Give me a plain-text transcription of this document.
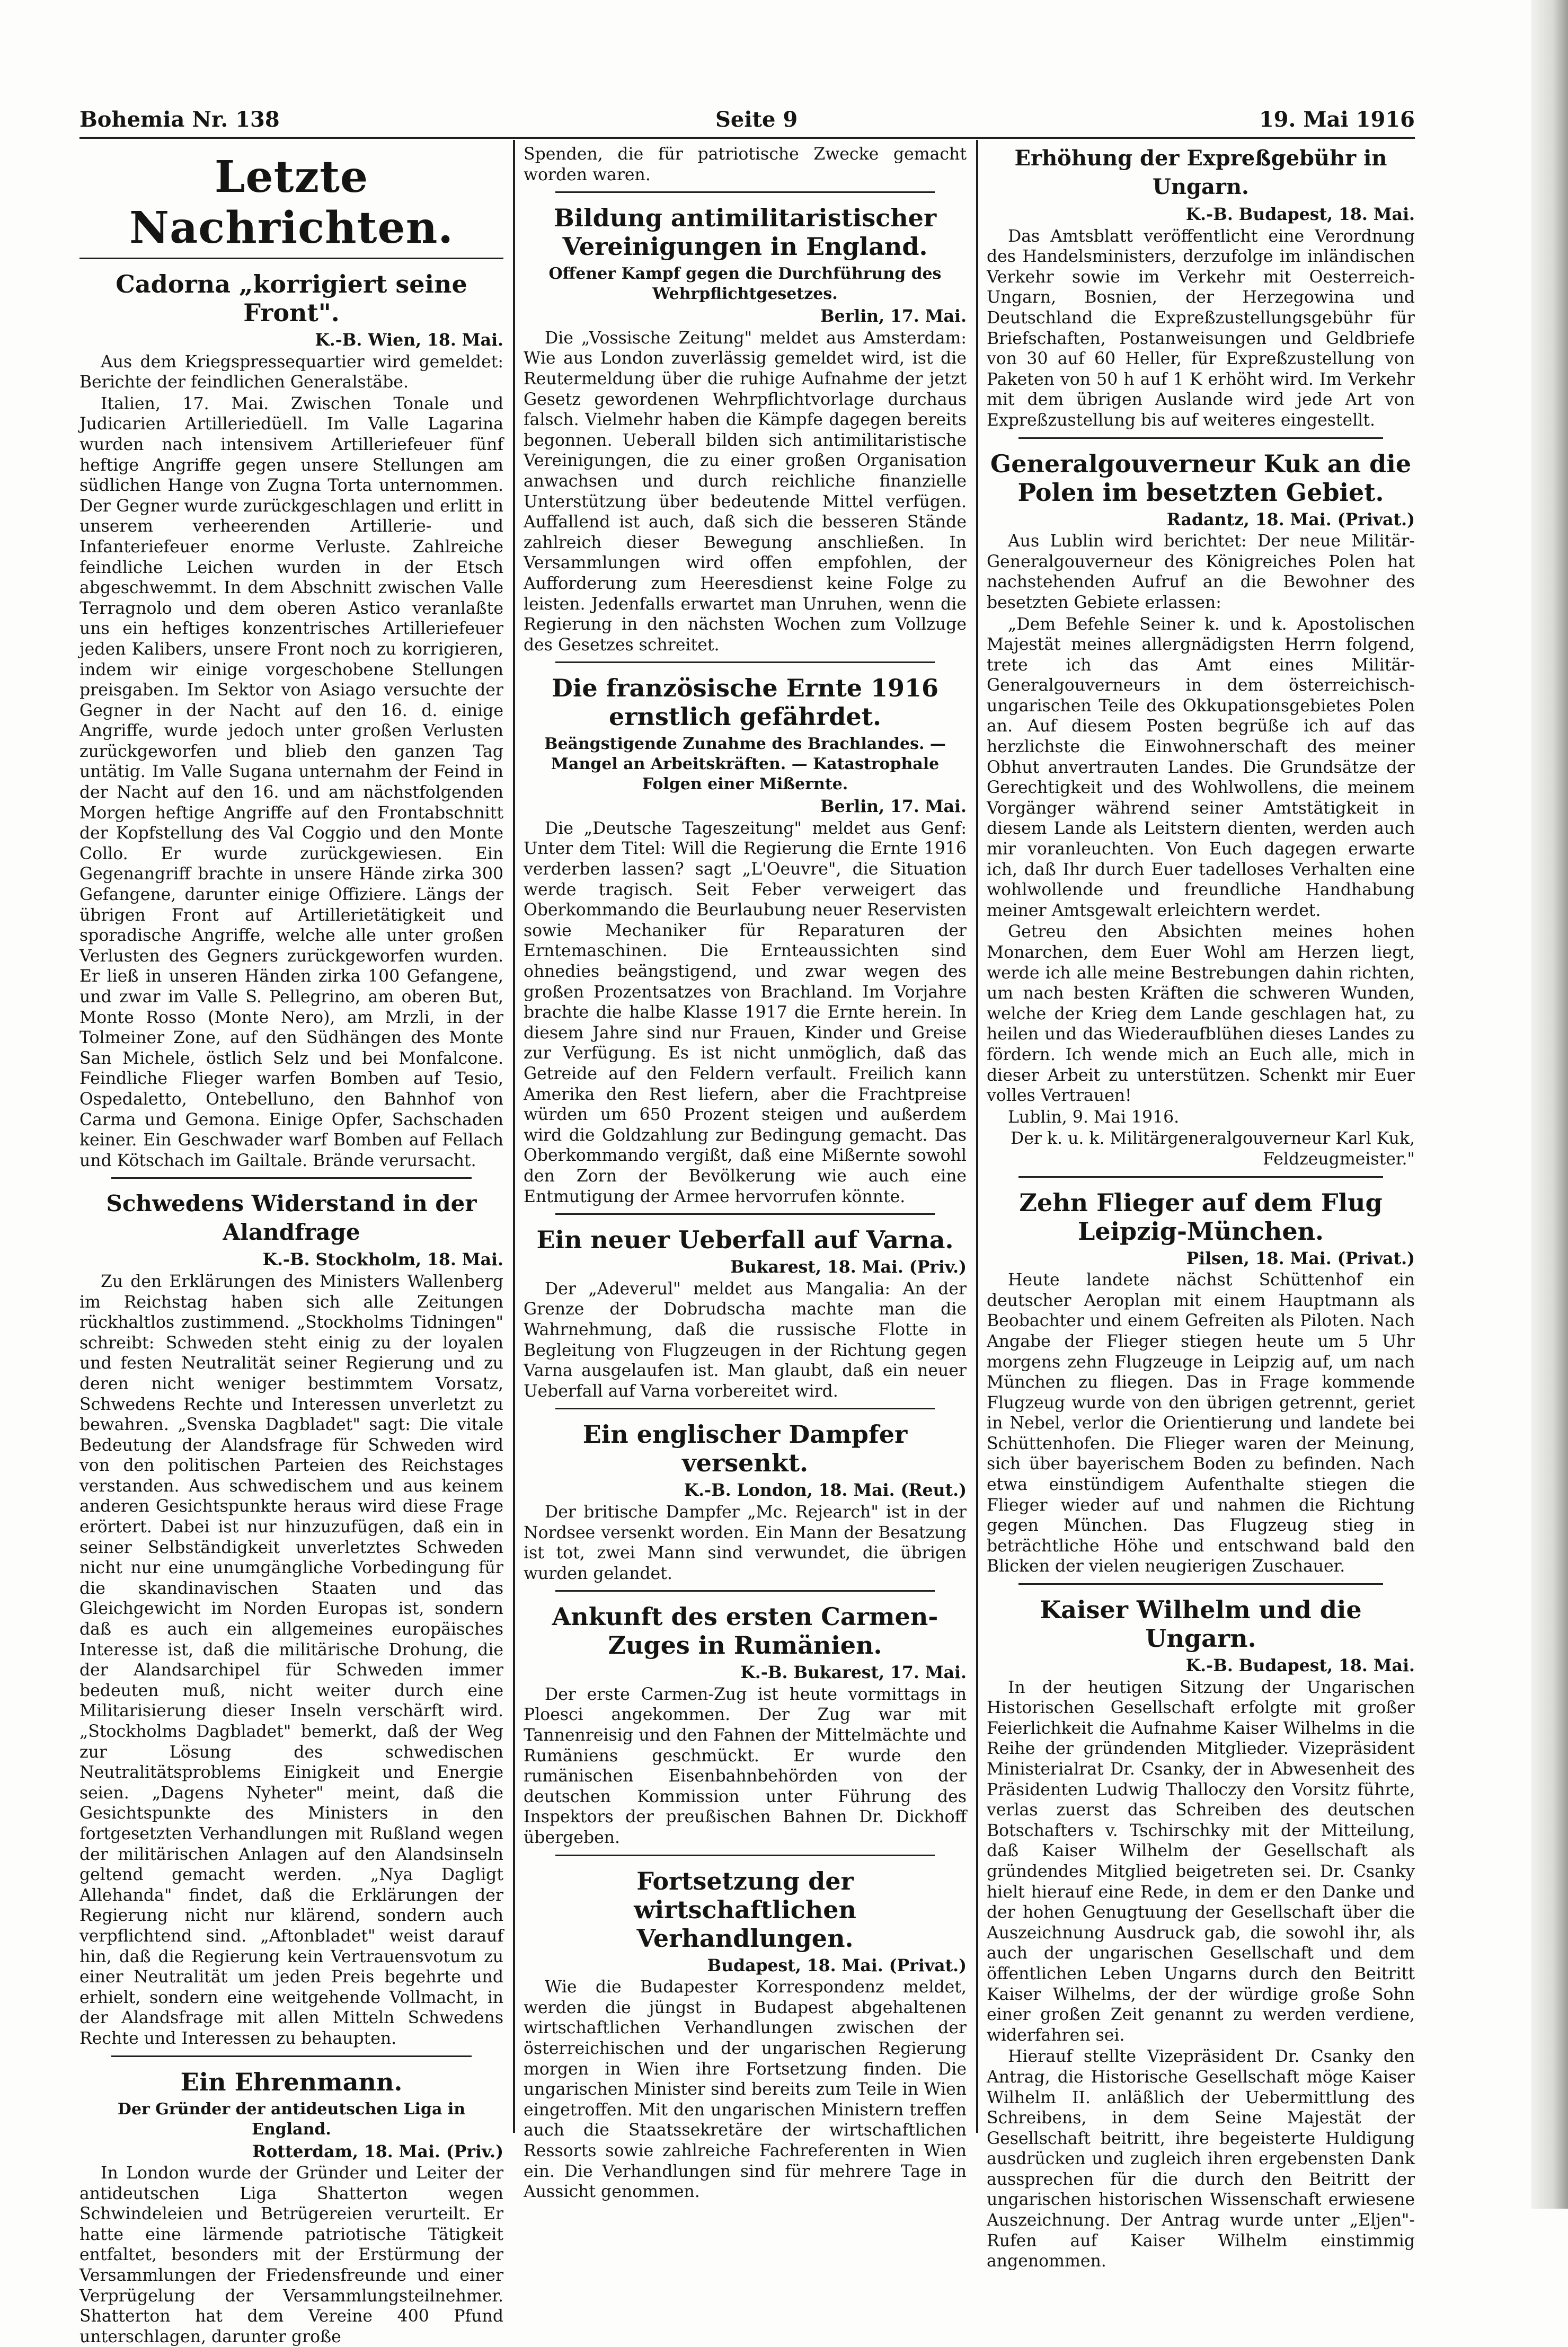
Bohemia Nr. 138	Seite 9	19. Mai 1916
Letzte Nachrichten.
Cadorna „korrigiert seine Front".
K.-B. Wien, 18. Mai.

Aus dem Kriegspressequartier wird gemeldet: Berichte der feindlichen Generalstäbe.

Italien, 17. Mai. Zwischen Tonale und Judicarien Artilleriedüell. Im Valle Lagarina wurden nach intensivem Artilleriefeuer fünf heftige Angriffe gegen unsere Stellungen am südlichen Hange von Zugna Torta unternommen. Der Gegner wurde zurückgeschlagen und erlitt in unserem verheerenden Artillerie- und Infanteriefeuer enorme Verluste. Zahlreiche feindliche Leichen wurden in der Etsch abgeschwemmt. In dem Abschnitt zwischen Valle Terragnolo und dem oberen Astico veranlaßte uns ein heftiges konzentrisches Artilleriefeuer jeden Kalibers, unsere Front noch zu korrigieren, indem wir einige vorgeschobene Stellungen preisgaben. Im Sektor von Asiago versuchte der Gegner in der Nacht auf den 16. d. einige Angriffe, wurde jedoch unter großen Verlusten zurückgeworfen und blieb den ganzen Tag untätig. Im Valle Sugana unternahm der Feind in der Nacht auf den 16. und am nächstfolgenden Morgen heftige Angriffe auf den Frontabschnitt der Kopfstellung des Val Coggio und den Monte Collo. Er wurde zurückgewiesen. Ein Gegenangriff brachte in unsere Hände zirka 300 Gefangene, darunter einige Offiziere. Längs der übrigen Front auf Artillerietätigkeit und sporadische Angriffe, welche alle unter großen Verlusten des Gegners zurückgeworfen wurden. Er ließ in unseren Händen zirka 100 Gefangene, und zwar im Valle S. Pellegrino, am oberen But, Monte Rosso (Monte Nero), am Mrzli, in der Tolmeiner Zone, auf den Südhängen des Monte San Michele, östlich Selz und bei Monfalcone. Feindliche Flieger warfen Bomben auf Tesio, Ospedaletto, Ontebelluno, den Bahnhof von Carma und Gemona. Einige Opfer, Sachschaden keiner. Ein Geschwader warf Bomben auf Fellach und Kötschach im Gailtale. Brände verursacht.

Schwedens Widerstand in der Alandfrage
K.-B. Stockholm, 18. Mai.

Zu den Erklärungen des Ministers Wallenberg im Reichstag haben sich alle Zeitungen rückhaltlos zustimmend. „Stockholms Tidningen" schreibt: Schweden steht einig zu der loyalen und festen Neutralität seiner Regierung und zu deren nicht weniger bestimmtem Vorsatz, Schwedens Rechte und Interessen unverletzt zu bewahren. „Svenska Dagbladet" sagt: Die vitale Bedeutung der Alandsfrage für Schweden wird von den politischen Parteien des Reichstages verstanden. Aus schwedischem und aus keinem anderen Gesichtspunkte heraus wird diese Frage erörtert. Dabei ist nur hinzuzufügen, daß ein in seiner Selbständigkeit unverletztes Schweden nicht nur eine unumgängliche Vorbedingung für die skandinavischen Staaten und das Gleichgewicht im Norden Europas ist, sondern daß es auch ein allgemeines europäisches Interesse ist, daß die militärische Drohung, die der Alandsarchipel für Schweden immer bedeuten muß, nicht weiter durch eine Militarisierung dieser Inseln verschärft wird. „Stockholms Dagbladet" bemerkt, daß der Weg zur Lösung des schwedischen Neutralitätsproblems Einigkeit und Energie seien. „Dagens Nyheter" meint, daß die Gesichtspunkte des Ministers in den fortgesetzten Verhandlungen mit Rußland wegen der militärischen Anlagen auf den Alandsinseln geltend gemacht werden. „Nya Dagligt Allehanda" findet, daß die Erklärungen der Regierung nicht nur klärend, sondern auch verpflichtend sind. „Aftonbladet" weist darauf hin, daß die Regierung kein Vertrauensvotum zu einer Neutralität um jeden Preis begehrte und erhielt, sondern eine weitgehende Vollmacht, in der Alandsfrage mit allen Mitteln Schwedens Rechte und Interessen zu behaupten.

Ein Ehrenmann.
Der Gründer der antideutschen Liga in England.
Rotterdam, 18. Mai. (Priv.)

In London wurde der Gründer und Leiter der antideutschen Liga Shatterton wegen Schwindeleien und Betrügereien verurteilt. Er hatte eine lärmende patriotische Tätigkeit entfaltet, besonders mit der Erstürmung der Versammlungen der Friedensfreunde und einer Verprügelung der Versammlungsteilnehmer. Shatterton hat dem Vereine 400 Pfund unterschlagen, darunter große

Spenden, die für patriotische Zwecke gemacht worden waren.

Bildung antimilitaristischer Vereinigungen in England.
Offener Kampf gegen die Durchführung des Wehrpflichtgesetzes.
Berlin, 17. Mai.

Die „Vossische Zeitung" meldet aus Amsterdam: Wie aus London zuverlässig gemeldet wird, ist die Reutermeldung über die ruhige Aufnahme der jetzt Gesetz gewordenen Wehrpflichtvorlage durchaus falsch. Vielmehr haben die Kämpfe dagegen bereits begonnen. Ueberall bilden sich antimilitaristische Vereinigungen, die zu einer großen Organisation anwachsen und durch reichliche finanzielle Unterstützung über bedeutende Mittel verfügen. Auffallend ist auch, daß sich die besseren Stände zahlreich dieser Bewegung anschließen. In Versammlungen wird offen empfohlen, der Aufforderung zum Heeresdienst keine Folge zu leisten. Jedenfalls erwartet man Unruhen, wenn die Regierung in den nächsten Wochen zum Vollzuge des Gesetzes schreitet.

Die französische Ernte 1916 ernstlich gefährdet.
Beängstigende Zunahme des Brachlandes. — Mangel an Arbeitskräften. — Katastrophale Folgen einer Mißernte.
Berlin, 17. Mai.

Die „Deutsche Tageszeitung" meldet aus Genf: Unter dem Titel: Will die Regierung die Ernte 1916 verderben lassen? sagt „L'Oeuvre", die Situation werde tragisch. Seit Feber verweigert das Oberkommando die Beurlaubung neuer Reservisten sowie Mechaniker für Reparaturen der Erntemaschinen. Die Ernteaussichten sind ohnedies beängstigend, und zwar wegen des großen Prozentsatzes von Brachland. Im Vorjahre brachte die halbe Klasse 1917 die Ernte herein. In diesem Jahre sind nur Frauen, Kinder und Greise zur Verfügung. Es ist nicht unmöglich, daß das Getreide auf den Feldern verfault. Freilich kann Amerika den Rest liefern, aber die Frachtpreise würden um 650 Prozent steigen und außerdem wird die Goldzahlung zur Bedingung gemacht. Das Oberkommando vergißt, daß eine Mißernte sowohl den Zorn der Bevölkerung wie auch eine Entmutigung der Armee hervorrufen könnte.

Ein neuer Ueberfall auf Varna.
Bukarest, 18. Mai. (Priv.)

Der „Adeverul" meldet aus Mangalia: An der Grenze der Dobrudscha machte man die Wahrnehmung, daß die russische Flotte in Begleitung von Flugzeugen in der Richtung gegen Varna ausgelaufen ist. Man glaubt, daß ein neuer Ueberfall auf Varna vorbereitet wird.

Ein englischer Dampfer versenkt.
K.-B. London, 18. Mai. (Reut.)

Der britische Dampfer „Mc. Rejearch" ist in der Nordsee versenkt worden. Ein Mann der Besatzung ist tot, zwei Mann sind verwundet, die übrigen wurden gelandet.

Ankunft des ersten Carmen-Zuges in Rumänien.
K.-B. Bukarest, 17. Mai.

Der erste Carmen-Zug ist heute vormittags in Ploesci angekommen. Der Zug war mit Tannenreisig und den Fahnen der Mittelmächte und Rumäniens geschmückt. Er wurde den rumänischen Eisenbahnbehörden von der deutschen Kommission unter Führung des Inspektors der preußischen Bahnen Dr. Dickhoff übergeben.

Fortsetzung der wirtschaftlichen Verhandlungen.
Budapest, 18. Mai. (Privat.)

Wie die Budapester Korrespondenz meldet, werden die jüngst in Budapest abgehaltenen wirtschaftlichen Verhandlungen zwischen der österreichischen und der ungarischen Regierung morgen in Wien ihre Fortsetzung finden. Die ungarischen Minister sind bereits zum Teile in Wien eingetroffen. Mit den ungarischen Ministern treffen auch die Staatssekretäre der wirtschaftlichen Ressorts sowie zahlreiche Fachreferenten in Wien ein. Die Verhandlungen sind für mehrere Tage in Aussicht genommen.

Erhöhung der Expreßgebühr in Ungarn.
K.-B. Budapest, 18. Mai.

Das Amtsblatt veröffentlicht eine Verordnung des Handelsministers, derzufolge im inländischen Verkehr sowie im Verkehr mit Oesterreich-Ungarn, Bosnien, der Herzegowina und Deutschland die Expreßzustellungsgebühr für Briefschaften, Postanweisungen und Geldbriefe von 30 auf 60 Heller, für Expreßzustellung von Paketen von 50 h auf 1 K erhöht wird. Im Verkehr mit dem übrigen Auslande wird jede Art von Expreßzustellung bis auf weiteres eingestellt.

Generalgouverneur Kuk an die Polen im besetzten Gebiet.
Radantz, 18. Mai. (Privat.)

Aus Lublin wird berichtet: Der neue Militär-Generalgouverneur des Königreiches Polen hat nachstehenden Aufruf an die Bewohner des besetzten Gebiete erlassen:

„Dem Befehle Seiner k. und k. Apostolischen Majestät meines allergnädigsten Herrn folgend, trete ich das Amt eines Militär-Generalgouverneurs in dem österreichisch-ungarischen Teile des Okkupationsgebietes Polen an. Auf diesem Posten begrüße ich auf das herzlichste die Einwohnerschaft des meiner Obhut anvertrauten Landes. Die Grundsätze der Gerechtigkeit und des Wohlwollens, die meinem Vorgänger während seiner Amtstätigkeit in diesem Lande als Leitstern dienten, werden auch mir voranleuchten. Von Euch dagegen erwarte ich, daß Ihr durch Euer tadelloses Verhalten eine wohlwollende und freundliche Handhabung meiner Amtsgewalt erleichtern werdet.

Getreu den Absichten meines hohen Monarchen, dem Euer Wohl am Herzen liegt, werde ich alle meine Bestrebungen dahin richten, um nach besten Kräften die schweren Wunden, welche der Krieg dem Lande geschlagen hat, zu heilen und das Wiederaufblühen dieses Landes zu fördern. Ich wende mich an Euch alle, mich in dieser Arbeit zu unterstützen. Schenkt mir Euer volles Vertrauen!

Lublin, 9. Mai 1916.

Der k. u. k. Militärgeneralgouverneur Karl Kuk, Feldzeugmeister."

Zehn Flieger auf dem Flug Leipzig-München.
Pilsen, 18. Mai. (Privat.)

Heute landete nächst Schüttenhof ein deutscher Aeroplan mit einem Hauptmann als Beobachter und einem Gefreiten als Piloten. Nach Angabe der Flieger stiegen heute um 5 Uhr morgens zehn Flugzeuge in Leipzig auf, um nach München zu fliegen. Das in Frage kommende Flugzeug wurde von den übrigen getrennt, geriet in Nebel, verlor die Orientierung und landete bei Schüttenhofen. Die Flieger waren der Meinung, sich über bayerischem Boden zu befinden. Nach etwa einstündigem Aufenthalte stiegen die Flieger wieder auf und nahmen die Richtung gegen München. Das Flugzeug stieg in beträchtliche Höhe und entschwand bald den Blicken der vielen neugierigen Zuschauer.

Kaiser Wilhelm und die Ungarn.
K.-B. Budapest, 18. Mai.

In der heutigen Sitzung der Ungarischen Historischen Gesellschaft erfolgte mit großer Feierlichkeit die Aufnahme Kaiser Wilhelms in die Reihe der gründenden Mitglieder. Vizepräsident Ministerialrat Dr. Csanky, der in Abwesenheit des Präsidenten Ludwig Thalloczy den Vorsitz führte, verlas zuerst das Schreiben des deutschen Botschafters v. Tschirschky mit der Mitteilung, daß Kaiser Wilhelm der Gesellschaft als gründendes Mitglied beigetreten sei. Dr. Csanky hielt hierauf eine Rede, in dem er den Danke und der hohen Genugtuung der Gesellschaft über die Auszeichnung Ausdruck gab, die sowohl ihr, als auch der ungarischen Gesellschaft und dem öffentlichen Leben Ungarns durch den Beitritt Kaiser Wilhelms, der der würdige große Sohn einer großen Zeit genannt zu werden verdiene, widerfahren sei.

Hierauf stellte Vizepräsident Dr. Csanky den Antrag, die Historische Gesellschaft möge Kaiser Wilhelm II. anläßlich der Uebermittlung des Schreibens, in dem Seine Majestät der Gesellschaft beitritt, ihre begeisterte Huldigung ausdrücken und zugleich ihren ergebensten Dank aussprechen für die durch den Beitritt der ungarischen historischen Wissenschaft erwiesene Auszeichnung. Der Antrag wurde unter „Eljen"-Rufen auf Kaiser Wilhelm einstimmig angenommen.
